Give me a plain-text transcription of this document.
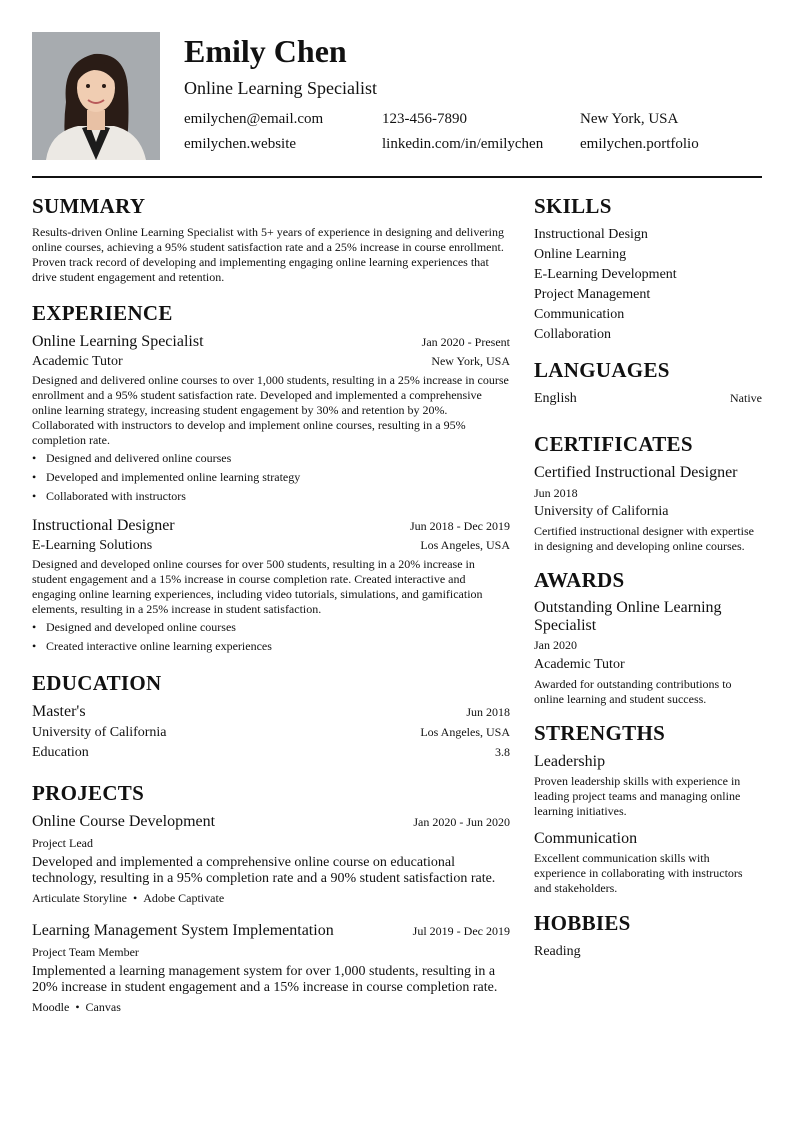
Emily Chen
Online Learning Specialist
emilychen@email.com	123-456-7890	New York, USA
emilychen.website	linkedin.com/in/emilychen emilychen.portfolio
SUMMARY

Results-driven Online Learning Specialist with 5+ years of experience in designing and delivering online courses, achieving a 95% student satisfaction rate and a 25% increase in course enrollment. Proven track record of developing and implementing engaging online learning experiences that drive student engagement and retention.

EXPERIENCE
Online Learning Specialist	Jan 2020 - Present
Academic Tutor	New York, USA

Designed and delivered online courses to over 1,000 students, resulting in a 25% increase in course enrollment and a 95% student satisfaction rate. Developed and implemented a comprehensive online learning strategy, increasing student engagement by 30% and retention by 20%. Collaborated with instructors to develop and implement online courses, resulting in a 95% completion rate.

• Designed and delivered online courses
• Developed and implemented online learning strategy
• Collaborated with instructors
Instructional Designer	Jun 2018 - Dec 2019
E-Learning Solutions	Los Angeles, USA

Designed and developed online courses for over 500 students, resulting in a 20% increase in student engagement and a 15% increase in course completion rate. Created interactive and engaging online learning experiences, including video tutorials, simulations, and gamification elements, resulting in a 25% increase in student satisfaction.

• Designed and developed online courses
• Created interactive online learning experiences
EDUCATION
Master's	Jun 2018
University of California	Los Angeles, USA
Education	3.8
PROJECTS
Online Course Development	Jan 2020 - Jun 2020
Project Lead

Developed and implemented a comprehensive online course on educational technology, resulting in a 95% completion rate and a 90% student satisfaction rate.

Articulate Storyline • Adobe Captivate
Learning Management System Implementation	Jul 2019 - Dec 2019
Project Team Member

Implemented a learning management system for over 1,000 students, resulting in a 20% increase in student engagement and a 15% increase in course completion rate.

Moodle • Canvas
SKILLS
Instructional Design
Online Learning
E-Learning Development
Project Management
Communication
Collaboration
LANGUAGES
English	Native
CERTIFICATES
Certified Instructional Designer
Jun 2018
University of California

Certified instructional designer with expertise in designing and developing online courses.

AWARDS
Outstanding Online Learning Specialist
Jan 2020
Academic Tutor

Awarded for outstanding contributions to online learning and student success.

STRENGTHS
Leadership

Proven leadership skills with experience in leading project teams and managing online learning initiatives.

Communication

Excellent communication skills with experience in collaborating with instructors and stakeholders.

HOBBIES
Reading
